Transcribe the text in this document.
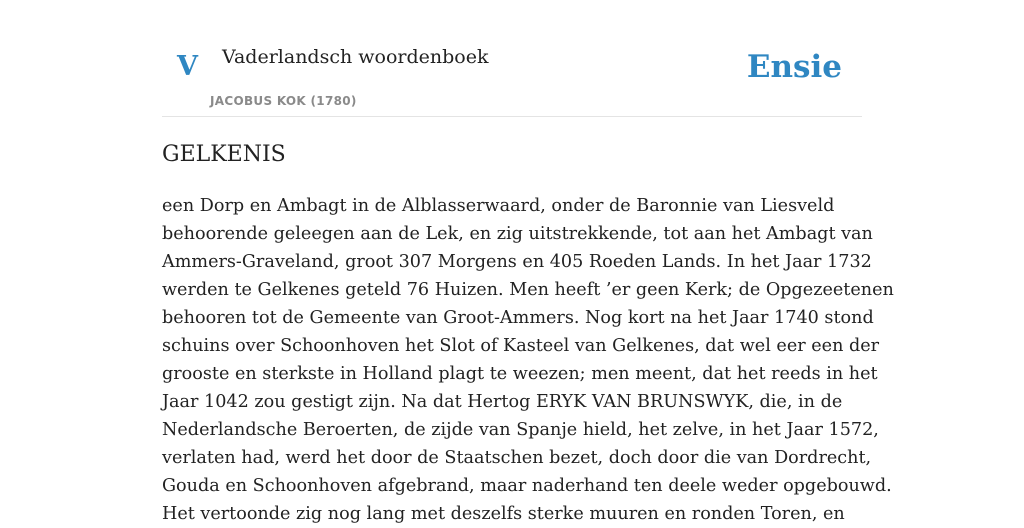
V Vaderlandsch woordenboek
JACOBUS KOK (1780)
Ensie
GELKENIS
een Dorp en Ambagt in de Alblasserwaard, onder de Baronnie van Liesveld
behoorende geleegen aan de Lek, en zig uitstrekkende, tot aan het Ambagt van
Ammers-Graveland, groot 307 Morgens en 405 Roeden Lands. In het Jaar 1732
werden te Gelkenes geteld 76 Huizen. Men heeft ’er geen Kerk; de Opgezeetenen
behooren tot de Gemeente van Groot-Ammers. Nog kort na het Jaar 1740 stond
schuins over Schoonhoven het Slot of Kasteel van Gelkenes, dat wel eer een der
grooste en sterkste in Holland plagt te weezen; men meent, dat het reeds in het
Jaar 1042 zou gestigt zijn. Na dat Hertog ERYK VAN BRUNSWYK, die, in de
Nederlandsche Beroerten, de zijde van Spanje hield, het zelve, in het Jaar 1572,
verlaten had, werd het door de Staatschen bezet, doch door die van Dordrecht,
Gouda en Schoonhoven afgebrand, maar naderhand ten deele weder opgebouwd.
Het vertoonde zig nog lang met deszelfs sterke muuren en ronden Toren, en
